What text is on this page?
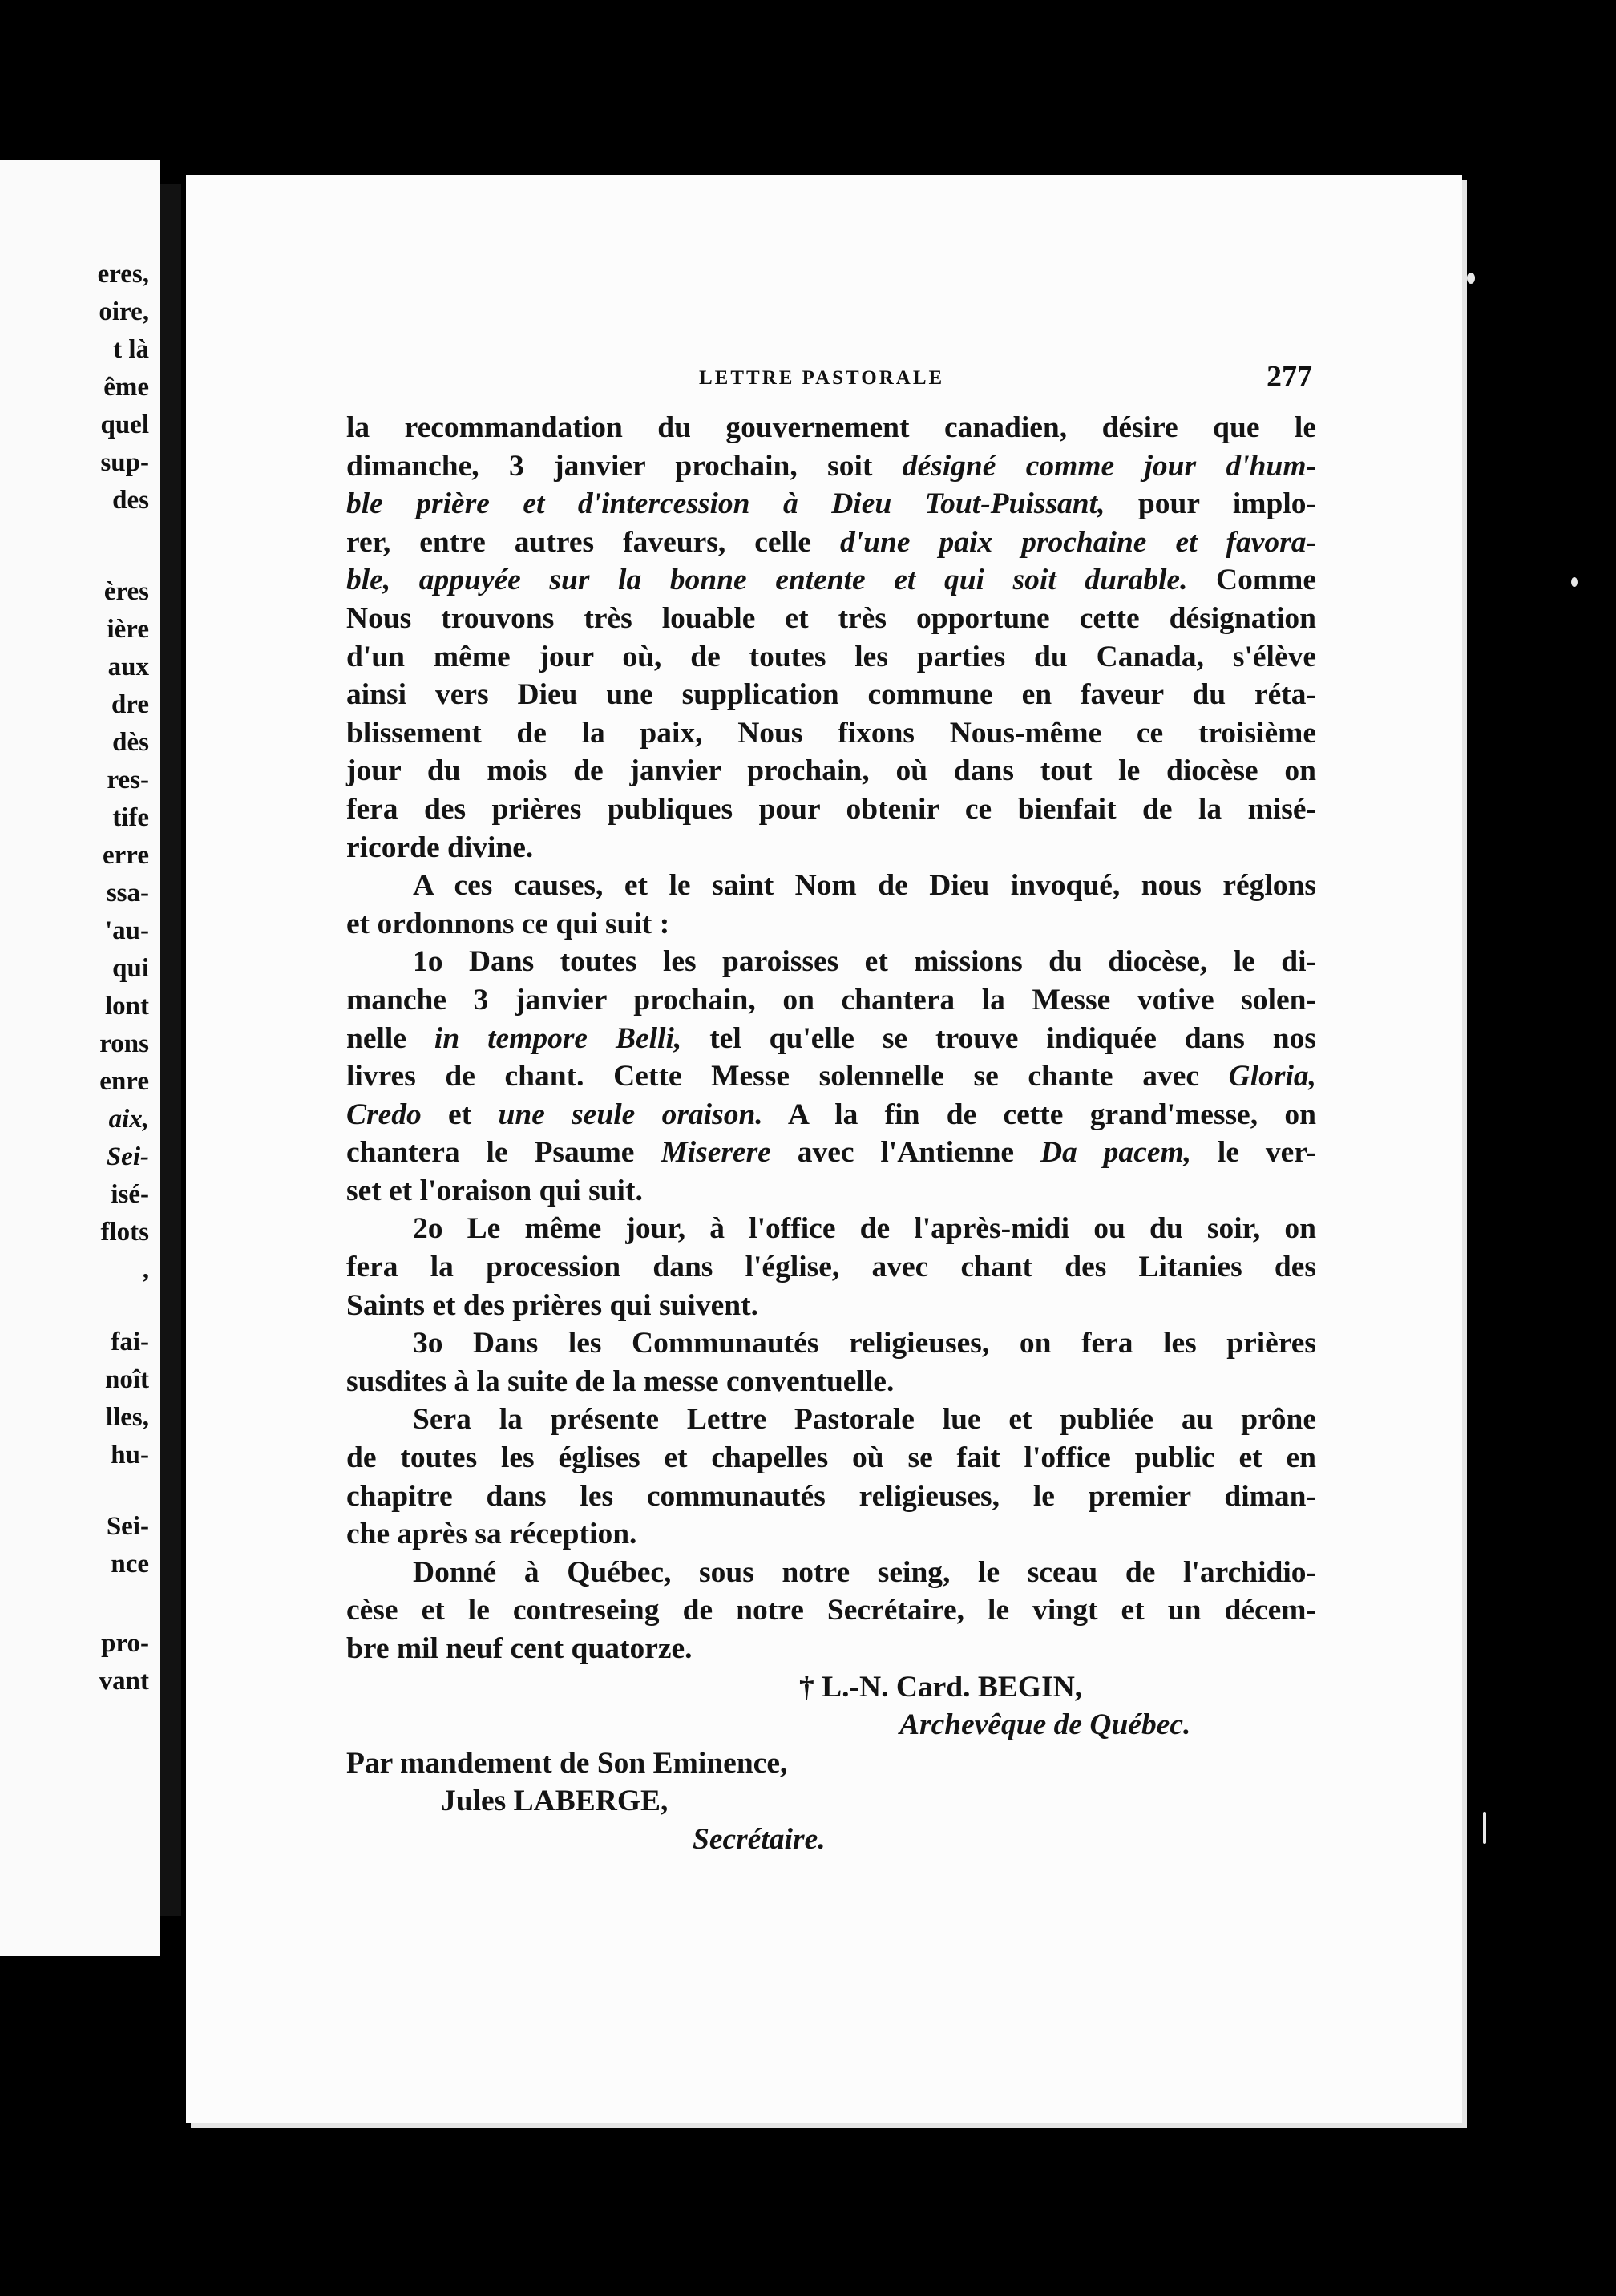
eres,

oire,

t là

ême

quel

sup-

des

ères

ière

aux

dre

dès

res-

tife

erre

ssa-

'au-

qui

lont

rons

enre

aix,

Sei-

isé-

flots

,

fai-

noît

lles,

hu-

Sei-

nce

pro-

vant

LETTRE PASTORALE	277

la recommandation du gouvernement canadien, désire que le
dimanche, 3 janvier prochain, soit désigné comme jour d'hum-
ble prière et d'intercession à Dieu Tout-Puissant, pour implo-
rer, entre autres faveurs, celle d'une paix prochaine et favora-
ble, appuyée sur la bonne entente et qui soit durable. Comme
Nous trouvons très louable et très opportune cette désignation
d'un même jour où, de toutes les parties du Canada, s'élève
ainsi vers Dieu une supplication commune en faveur du réta-
blissement de la paix, Nous fixons Nous-même ce troisième
jour du mois de janvier prochain, où dans tout le diocèse on
fera des prières publiques pour obtenir ce bienfait de la misé-
ricorde divine.
A ces causes, et le saint Nom de Dieu invoqué, nous réglons
et ordonnons ce qui suit :
1o Dans toutes les paroisses et missions du diocèse, le di-
manche 3 janvier prochain, on chantera la Messe votive solen-
nelle in tempore Belli, tel qu'elle se trouve indiquée dans nos
livres de chant. Cette Messe solennelle se chante avec Gloria,
Credo et une seule oraison. A la fin de cette grand'messe, on
chantera le Psaume Miserere avec l'Antienne Da pacem, le ver-
set et l'oraison qui suit.
2o Le même jour, à l'office de l'après-midi ou du soir, on
fera la procession dans l'église, avec chant des Litanies des
Saints et des prières qui suivent.
3o Dans les Communautés religieuses, on fera les prières
susdites à la suite de la messe conventuelle.
Sera la présente Lettre Pastorale lue et publiée au prône
de toutes les églises et chapelles où se fait l'office public et en
chapitre dans les communautés religieuses, le premier diman-
che après sa réception.
Donné à Québec, sous notre seing, le sceau de l'archidio-
cèse et le contreseing de notre Secrétaire, le vingt et un décem-
bre mil neuf cent quatorze.
† L.-N. Card. BEGIN,
Archevêque de Québec.
Par mandement de Son Eminence,
Jules LABERGE,
Secrétaire.
